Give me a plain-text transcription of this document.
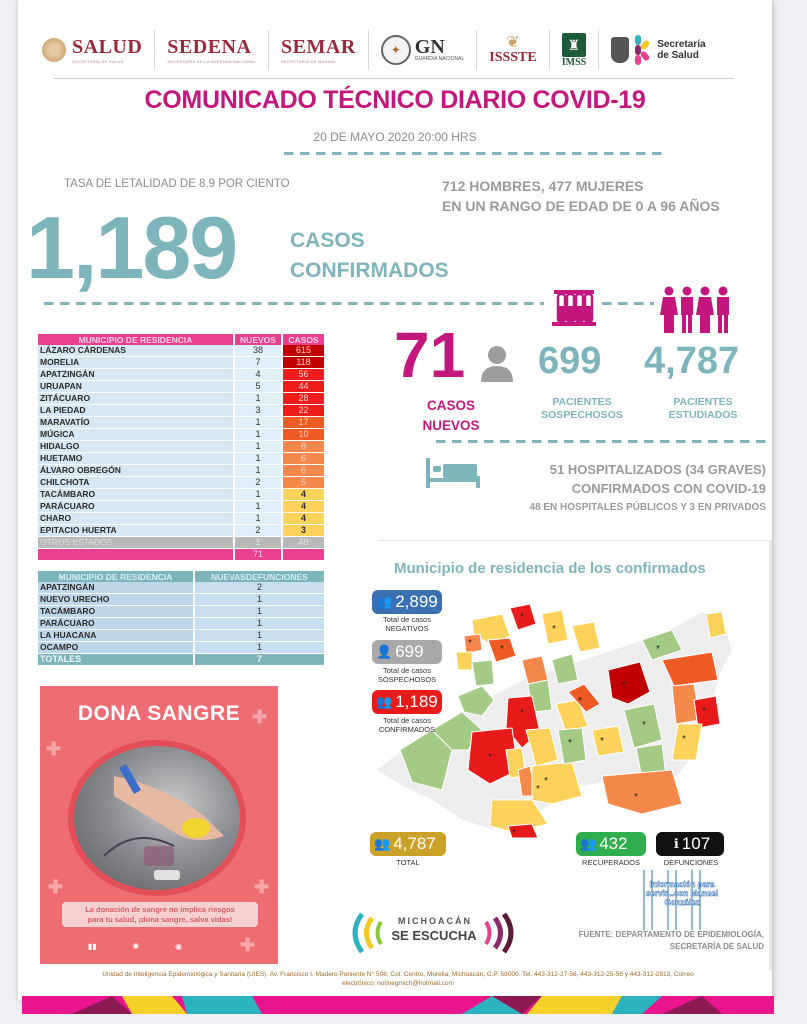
SALUD
SECRETARÍA DE SALUD
SEDENA
SECRETARÍA DE LA DEFENSA NACIONAL
SEMAR
SECRETARÍA DE MARINA
✦ GN
GUARDIA NACIONAL
❦
ISSSTE
♜
IMSS
Secretaría
de Salud
COMUNICADO TÉCNICO DIARIO COVID-19
20 DE MAYO 2020 20:00 HRS
TASA DE LETALIDAD DE 8.9 POR CIENTO	712 HOMBRES, 477 MUJERES
EN UN RANGO DE EDAD DE 0 A 96 AÑOS
1,189	CASOS
CONFIRMADOS
MUNICIPIO DE RESIDENCIA	NUEVOS	CASOS
LÁZARO CÁRDENAS	38	615
MORELIA	7	118
APATZINGÁN	4	56
URUAPAN	5	44
ZITÁCUARO	1	28
LA PIEDAD	3	22
MARAVATÍO	1	17
MÚGICA	1	10
HIDALGO	1	8
HUETAMO	1	6
ÁLVARO OBREGÓN	1	6
CHILCHOTA	2	5
TACÁMBARO	1	4
PARÁCUARO	1	4
CHARO	1	4
EPITACIO HUERTA	2	3
OTROS ESTADOS	1	40
	71	
MUNICIPIO DE RESIDENCIA	NUEVASDEFUNCIONES
APATZINGÁN	2
NUEVO URECHO	1
TACÁMBARO	1
PARÁCUARO	1
LA HUACANA	1
OCAMPO	1
TOTALES	7
DONA SANGRE ✚
✚
✚	✚
✚
La donación de sangre no implica riesgos
para tu salud, ¡dona sangre, salva vidas!
▮▮	✺	◉
71
CASOS
NUEVOS
699
PACIENTES
SOSPECHOSOS
4,787
PACIENTES
ESTUDIADOS
51 HOSPITALIZADOS (34 GRAVES)
CONFIRMADOS CON COVID-19
48 EN HOSPITALES PÚBLICOS Y 3 EN PRIVADOS
Municipio de residencia de los confirmados
👥 2,899
Total de casos
NEGATIVOS
👤 699
Total de casos
SOSPECHOSOS
👥 1,189
Total de casos
CONFIRMADOS
*
*
*
*
*
*
*
*
*
*
*
*
*	*
*
*
*
*
👥 4,787
TOTAL
👥 432
RECUPERADOS
ℹ 107
DEFUNCIONES
Información para servir...con Manuel González
MICHOACÁN
SE ESCUCHA	FUENTE: DEPARTAMENTO DE EPIDEMIOLOGÍA,
SECRETARÍA DE SALUD
Unidad de Inteligencia Epidemiológica y Sanitaria (UIES). Av. Francisco I. Madero Poniente N° 508, Col. Centro, Morelia, Michoacán, C.P. 58000. Tel. 443-312-27-56, 443-312-25-56 y 443-312-2813, Correo
electrónico: notinegmich@hotmail.com
